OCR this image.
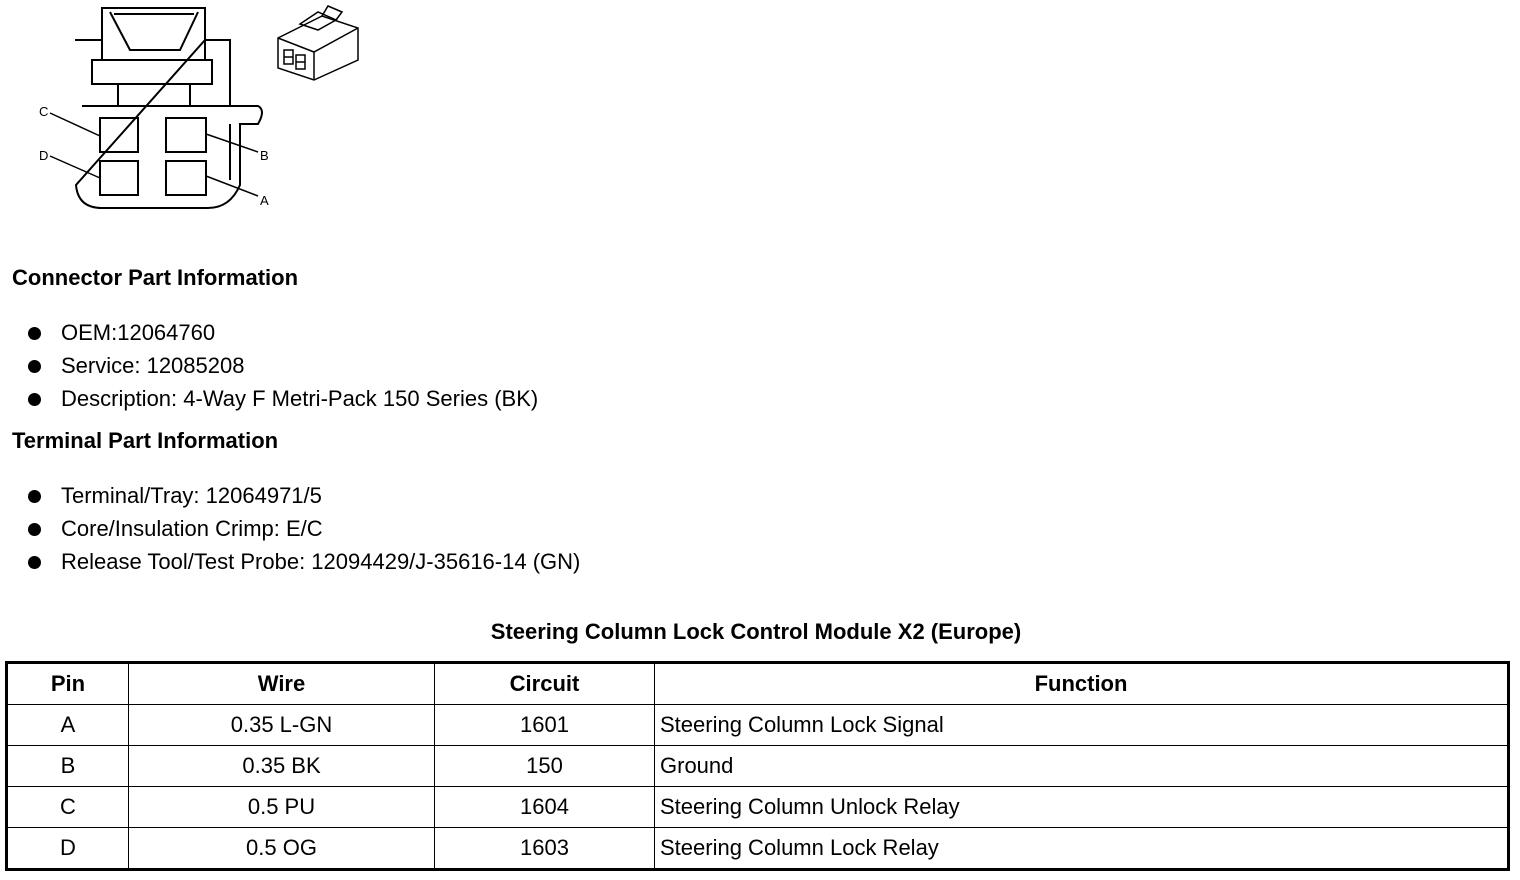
C
D	B
A
Connector Part Information
OEM:12064760
Service: 12085208
Description: 4-Way F Metri-Pack 150 Series (BK)
Terminal Part Information
Terminal/Tray: 12064971/5
Core/Insulation Crimp: E/C
Release Tool/Test Probe: 12094429/J-35616-14 (GN)
Steering Column Lock Control Module X2 (Europe)
Pin	Wire	Circuit	Function
A	0.35 L-GN	1601	Steering Column Lock Signal
B	0.35 BK	150	Ground
C	0.5 PU	1604	Steering Column Unlock Relay
D	0.5 OG	1603	Steering Column Lock Relay
